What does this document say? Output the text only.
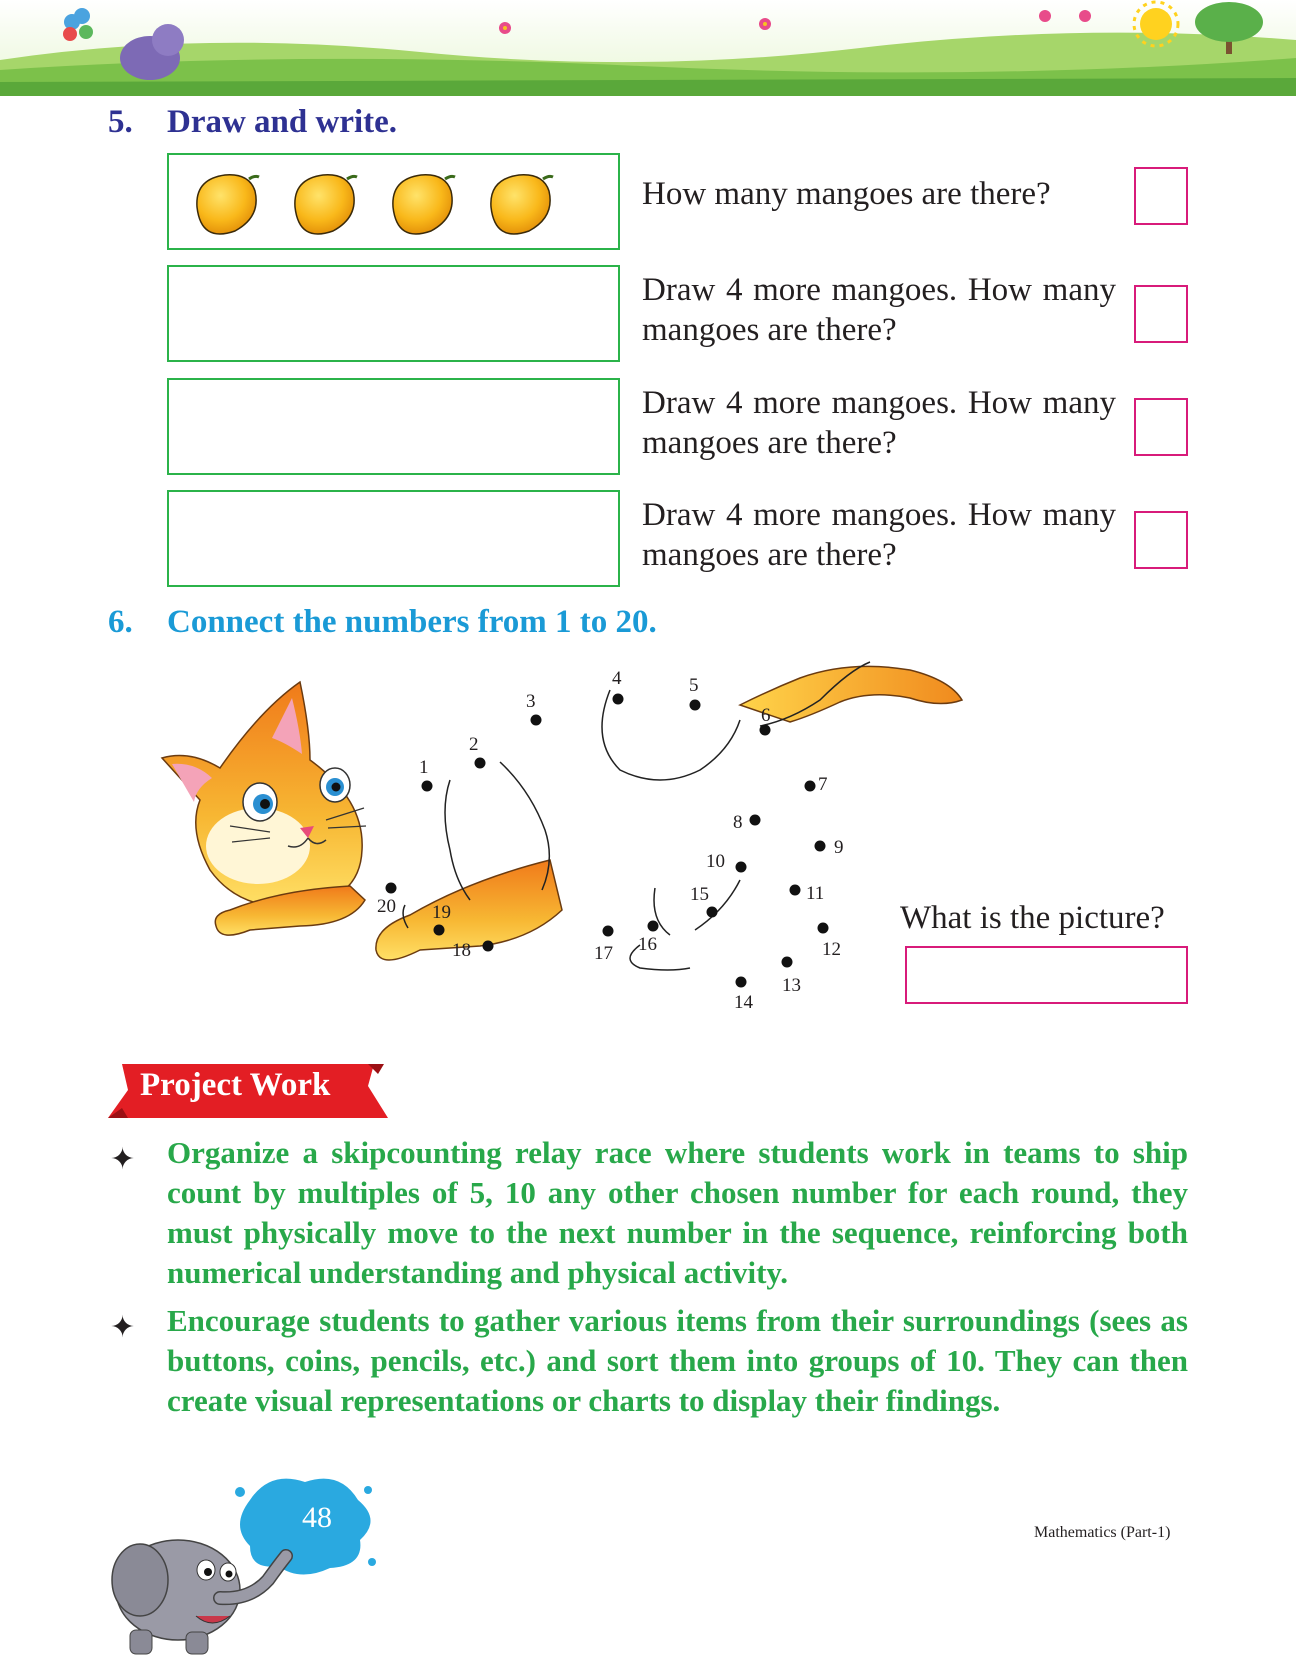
5. Draw and write.
How many mangoes are there?
Draw 4 more mangoes. How many mangoes are there?
Draw 4 more mangoes. How many mangoes are there?
Draw 4 more mangoes. How many mangoes are there?
6. Connect the numbers from 1 to 20.
1
2
3
4	5
6
7
8
9
10
11
12
13
14
15
16
17
18
19
20	What is the picture?
Project Work
✦ Organize a skipcounting relay race where students work in teams to ship count by multiples of 5, 10 any other chosen number for each round, they must physically move to the next number in the sequence, reinforcing both numerical understanding and physical activity.
✦ Encourage students to gather various items from their surroundings (sees as buttons, coins, pencils, etc.) and sort them into groups of 10. They can then create visual representations or charts to display their findings.
48	Mathematics (Part-1)
